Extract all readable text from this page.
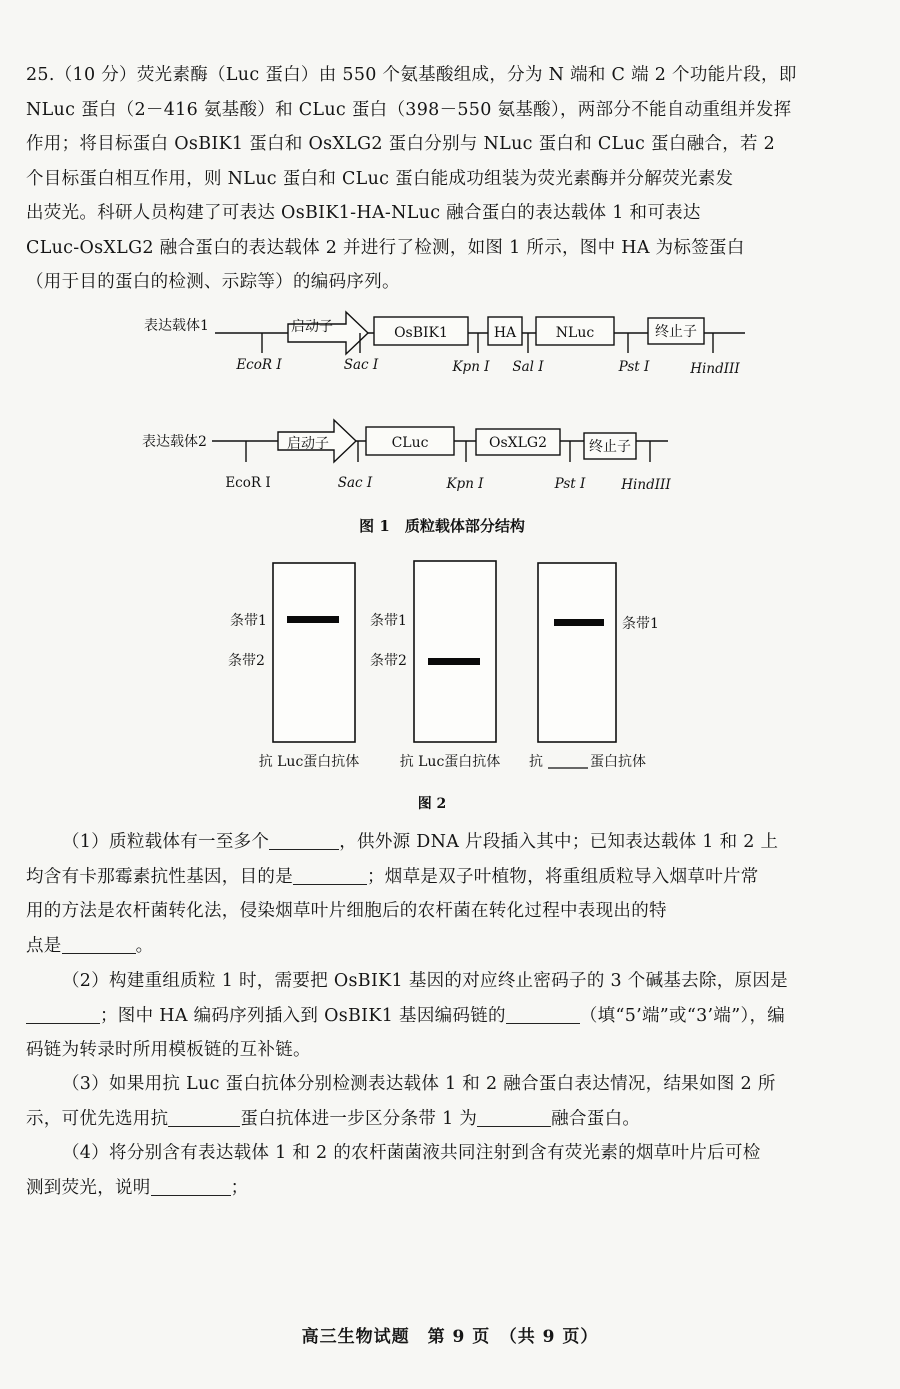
25.（10 分）荧光素酶（Luc 蛋白）由 550 个氨基酸组成，分为 N 端和 C 端 2 个功能片段，即
NLuc 蛋白（2－416 氨基酸）和 CLuc 蛋白（398－550 氨基酸），两部分不能自动重组并发挥
作用；将目标蛋白 OsBIK1 蛋白和 OsXLG2 蛋白分别与 NLuc 蛋白和 CLuc 蛋白融合，若 2
个目标蛋白相互作用，则 NLuc 蛋白和 CLuc 蛋白能成功组装为荧光素酶并分解荧光素发
出荧光。科研人员构建了可表达 OsBIK1-HA-NLuc 融合蛋白的表达载体 1 和可表达
CLuc-OsXLG2 融合蛋白的表达载体 2 并进行了检测，如图 1 所示，图中 HA 为标签蛋白
（用于目的蛋白的检测、示踪等）的编码序列。
表达载体1	启动子	OsBIK1	HA	NLuc	终止子
EcoR I	Sac I	Kpn I Sal I	Pst I	HindIII
表达载体2	启动子	CLuc	OsXLG2	终止子
EcoR I	Sac I	Kpn I	Pst I	HindIII
图 1　质粒载体部分结构
条带1
条带2
抗 Luc蛋白抗体
条带1
条带2
抗 Luc蛋白抗体
条带1
抗	蛋白抗体
图 2
（1）质粒载体有一至多个	，供外源 DNA 片段插入其中；已知表达载体 1 和 2 上
均含有卡那霉素抗性基因，目的是	；烟草是双子叶植物，将重组质粒导入烟草叶片常
用的方法是农杆菌转化法，侵染烟草叶片细胞后的农杆菌在转化过程中表现出的特
点是	。
（2）构建重组质粒 1 时，需要把 OsBIK1 基因的对应终止密码子的 3 个碱基去除，原因是
；图中 HA 编码序列插入到 OsBIK1 基因编码链的	（填“5’端”或“3’端”），编
码链为转录时所用模板链的互补链。
（3）如果用抗 Luc 蛋白抗体分别检测表达载体 1 和 2 融合蛋白表达情况，结果如图 2 所
示，可优先选用抗	蛋白抗体进一步区分条带 1 为	融合蛋白。
（4）将分别含有表达载体 1 和 2 的农杆菌菌液共同注射到含有荧光素的烟草叶片后可检
测到荧光，说明	；
高三生物试题　第 9 页　（共 9 页）
